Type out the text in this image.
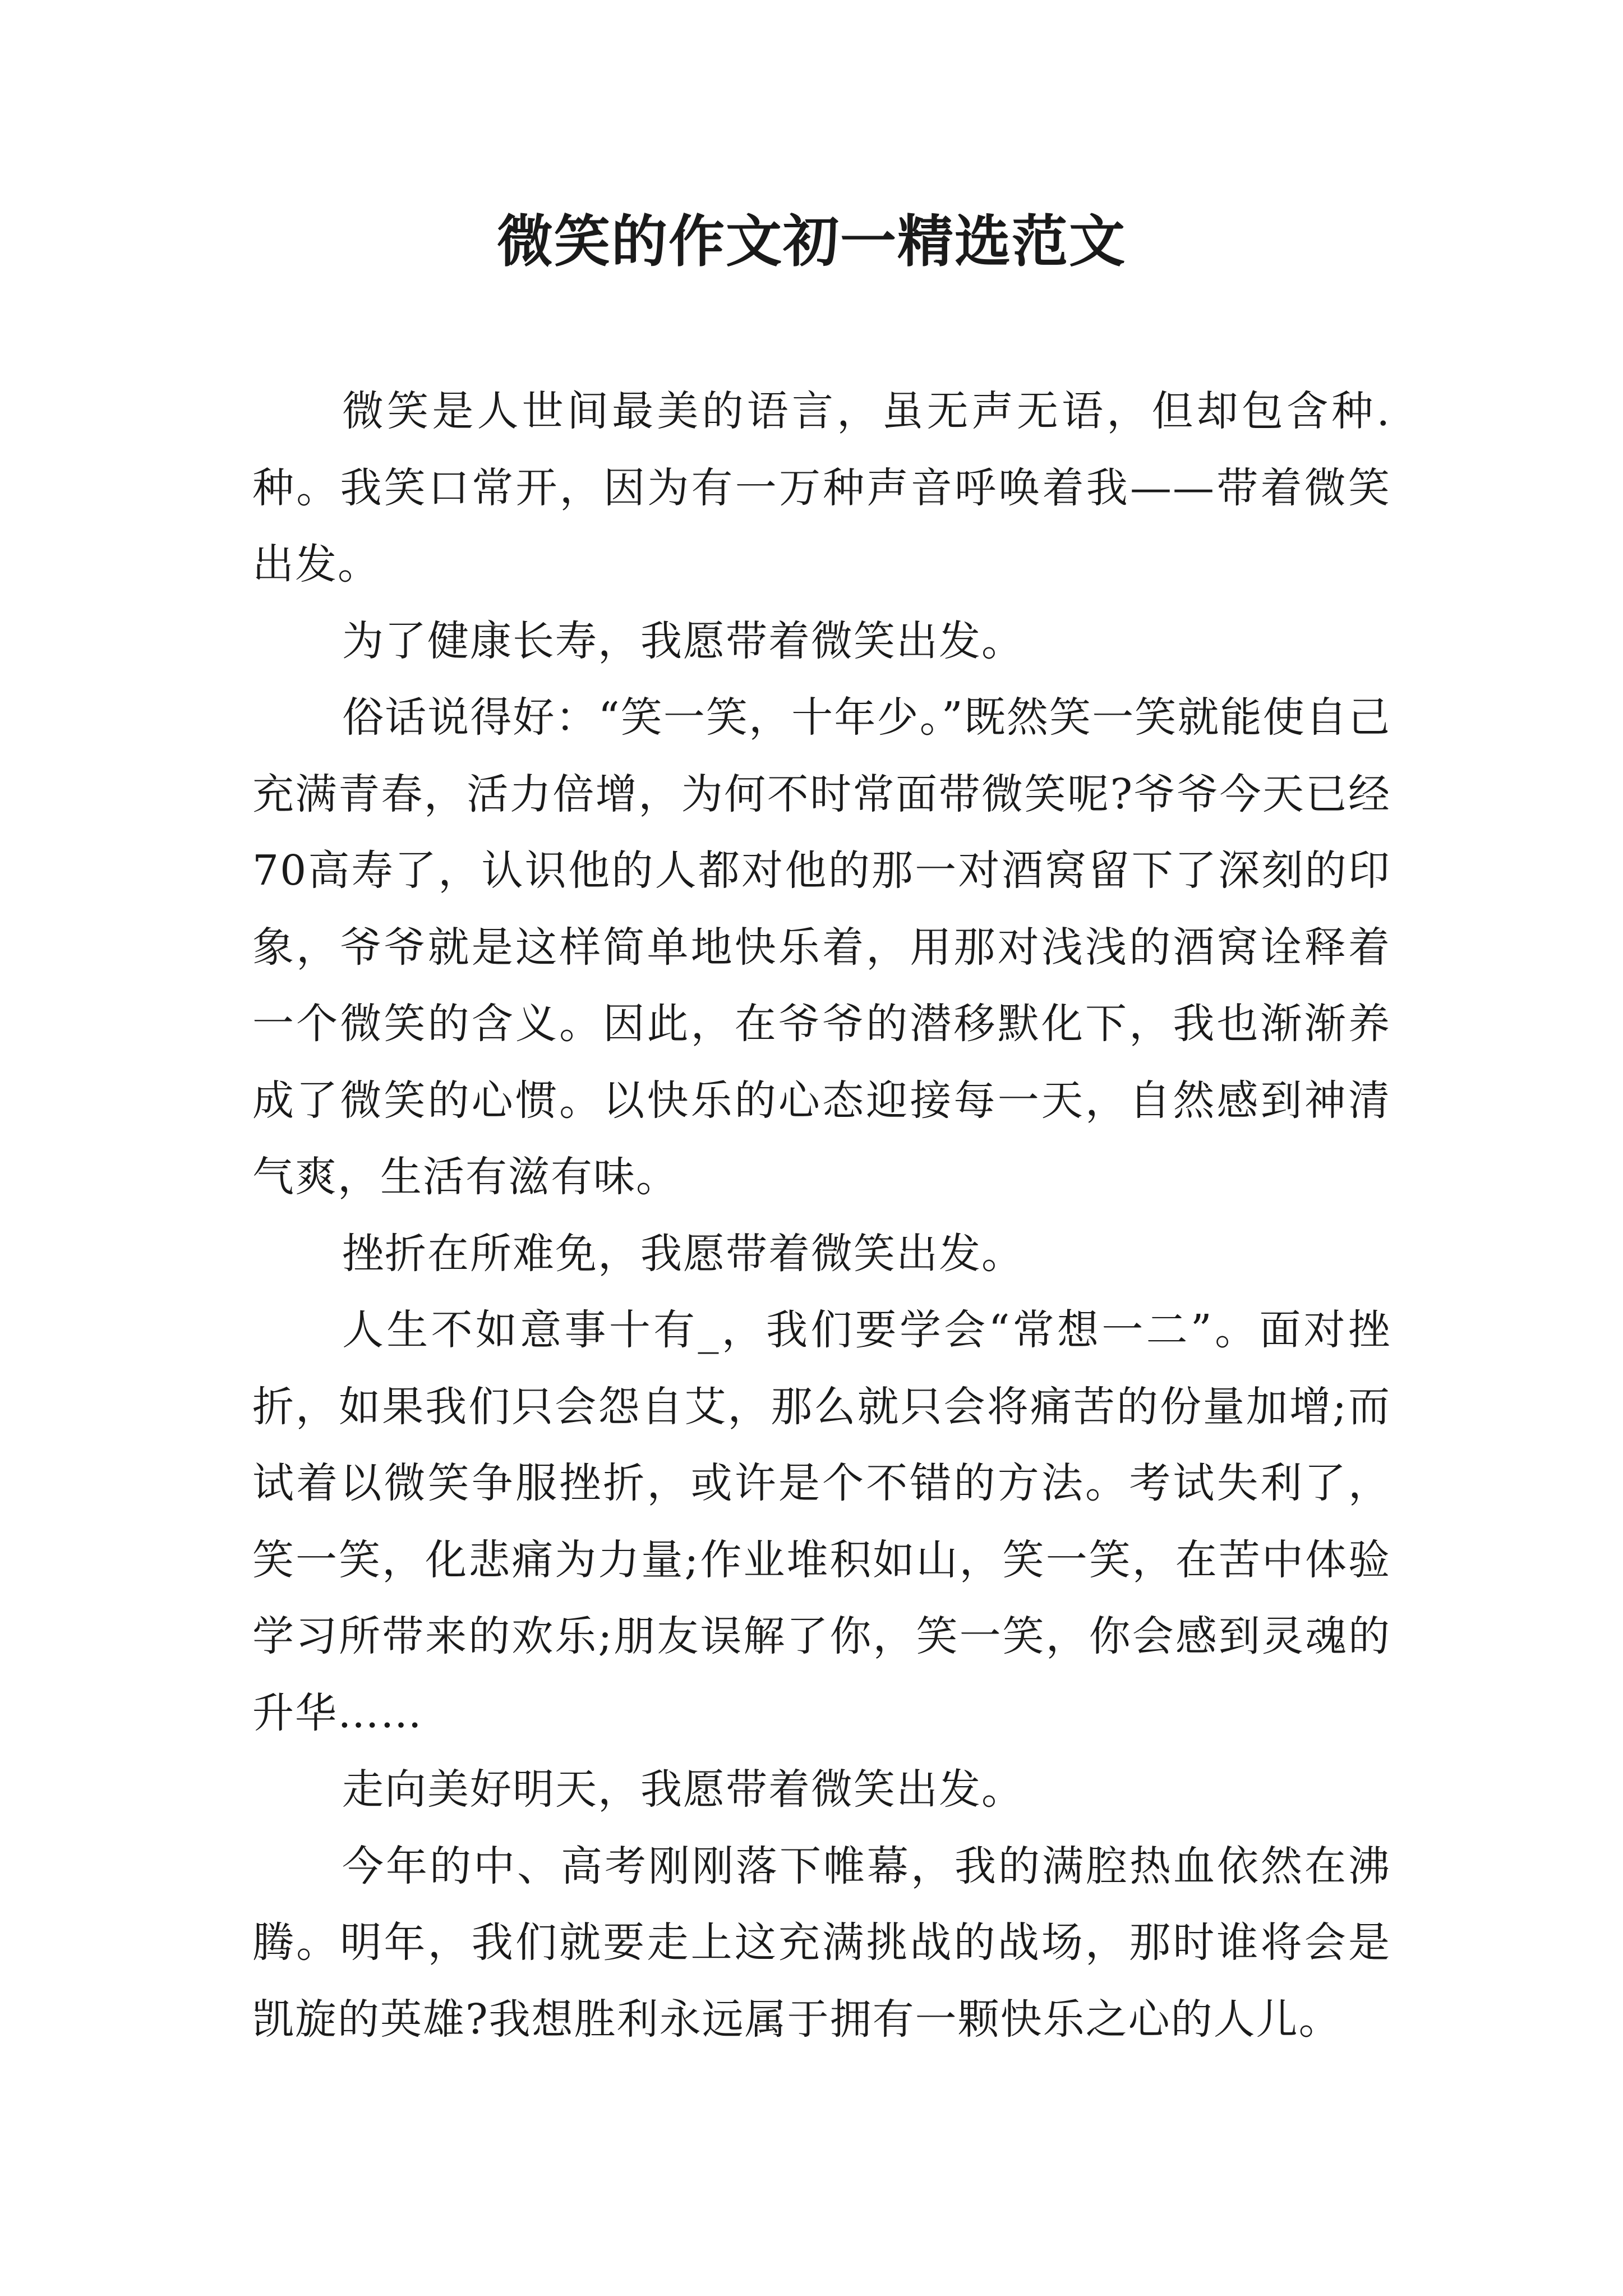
微笑的作文初一精选范文

微笑是人世间最美的语言，虽无声无语，但却包含种.种。我笑口常开，因为有一万种声音呼唤着我——带着微笑出发。

为了健康长寿，我愿带着微笑出发。

俗话说得好：“笑一笑，十年少。”既然笑一笑就能使自己充满青春，活力倍增，为何不时常面带微笑呢?爷爷今天已经70高寿了，认识他的人都对他的那一对酒窝留下了深刻的印象，爷爷就是这样简单地快乐着，用那对浅浅的酒窝诠释着一个微笑的含义。因此，在爷爷的潜移默化下，我也渐渐养成了微笑的心惯。以快乐的心态迎接每一天，自然感到神清气爽，生活有滋有味。

挫折在所难免，我愿带着微笑出发。

人生不如意事十有_，我们要学会“常想一二”。面对挫折，如果我们只会怨自艾，那么就只会将痛苦的份量加增;而试着以微笑争服挫折，或许是个不错的方法。考试失利了，笑一笑，化悲痛为力量;作业堆积如山，笑一笑，在苦中体验学习所带来的欢乐;朋友误解了你，笑一笑，你会感到灵魂的升华……

走向美好明天，我愿带着微笑出发。

今年的中、高考刚刚落下帷幕，我的满腔热血依然在沸腾。明年，我们就要走上这充满挑战的战场，那时谁将会是凯旋的英雄?我想胜利永远属于拥有一颗快乐之心的人儿。
